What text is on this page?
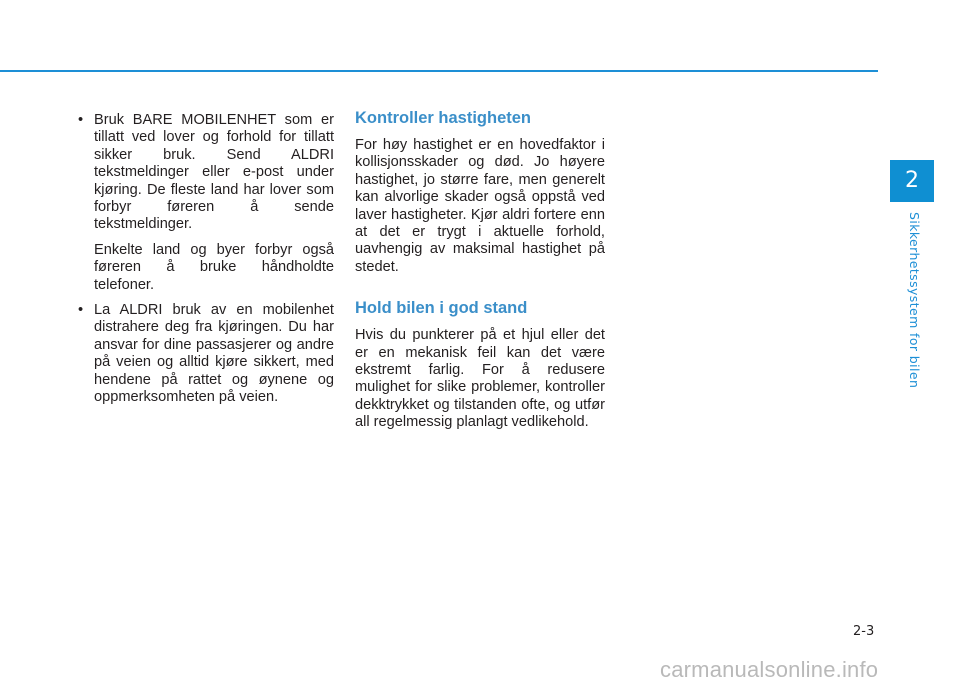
• Bruk BARE MOBILENHET som er tillatt ved lover og forhold for tillatt sikker bruk. Send ALDRI tekstmeldinger eller e-post under kjøring. De fleste land har lover som forbyr føreren å sende tekstmeldinger.

Enkelte land og byer forbyr også føreren å bruke håndholdte telefoner.

• La ALDRI bruk av en mobilenhet distrahere deg fra kjøringen. Du har ansvar for dine passasjerer og andre på veien og alltid kjøre sikkert, med hendene på rattet og øynene og oppmerksomheten på veien.

Kontroller hastigheten

For høy hastighet er en hovedfaktor i kollisjonsskader og død. Jo høyere hastighet, jo større fare, men generelt kan alvorlige skader også oppstå ved laver hastigheter. Kjør aldri fortere enn at det er trygt i aktuelle forhold, uavhengig av maksimal hastighet på stedet.

Hold bilen i god stand

Hvis du punkterer på et hjul eller det er en mekanisk feil kan det være ekstremt farlig. For å redusere mulighet for slike problemer, kontroller dekktrykket og tilstanden ofte, og utfør all regelmessig planlagt vedlikehold.

2
Sikkerhetssystem for bilen
2-3
carmanualsonline.info
